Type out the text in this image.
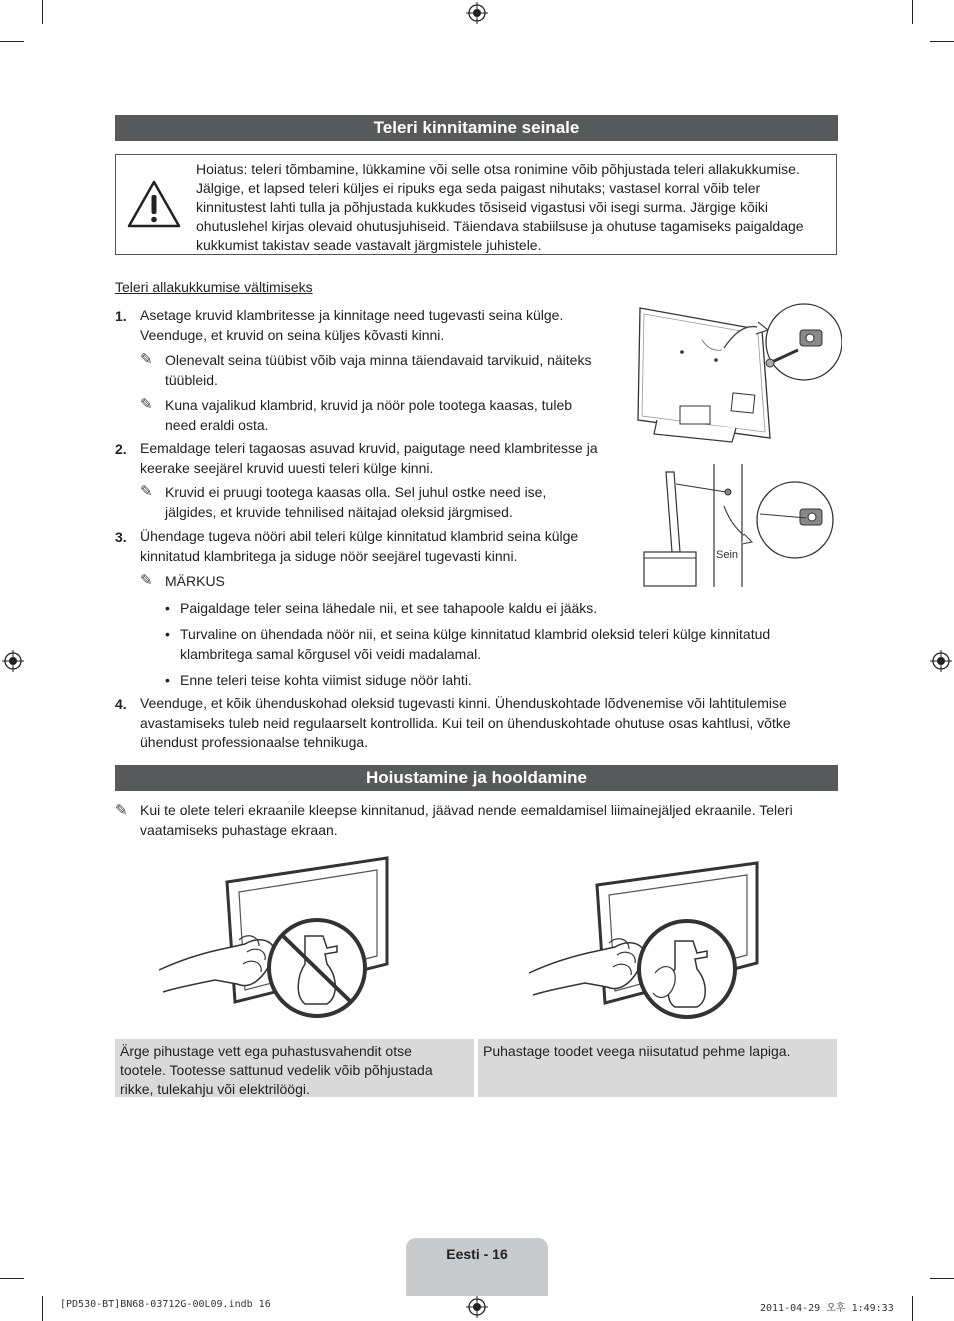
Teleri kinnitamine seinale
Hoiatus: teleri tõmbamine, lükkamine või selle otsa ronimine võib põhjustada teleri allakukkumise.
Jälgige, et lapsed teleri küljes ei ripuks ega seda paigast nihutaks; vastasel korral võib teler
kinnitustest lahti tulla ja põhjustada kukkudes tõsiseid vigastusi või isegi surma. Järgige kõiki
ohutuslehel kirjas olevaid ohutusjuhiseid. Täiendava stabiilsuse ja ohutuse tagamiseks paigaldage
kukkumist takistav seade vastavalt järgmistele juhistele.
Teleri allakukkumise vältimiseks
1. Asetage kruvid klambritesse ja kinnitage need tugevasti seina külge.
Veenduge, et kruvid on seina küljes kõvasti kinni.
✎ Olenevalt seina tüübist võib vaja minna täiendavaid tarvikuid, näiteks
tüübleid.
✎ Kuna vajalikud klambrid, kruvid ja nöör pole tootega kaasas, tuleb
need eraldi osta.
2. Eemaldage teleri tagaosas asuvad kruvid, paigutage need klambritesse ja
keerake seejärel kruvid uuesti teleri külge kinni.
✎ Kruvid ei pruugi tootega kaasas olla. Sel juhul ostke need ise,
jälgides, et kruvide tehnilised näitajad oleksid järgmised.
3. Ühendage tugeva nööri abil teleri külge kinnitatud klambrid seina külge
kinnitatud klambritega ja siduge nöör seejärel tugevasti kinni.
✎ MÄRKUS
• Paigaldage teler seina lähedale nii, et see tahapoole kaldu ei jääks.
• Turvaline on ühendada nöör nii, et seina külge kinnitatud klambrid oleksid teleri külge kinnitatud
klambritega samal kõrgusel või veidi madalamal.
• Enne teleri teise kohta viimist siduge nöör lahti.
4. Veenduge, et kõik ühenduskohad oleksid tugevasti kinni. Ühenduskohtade lõdvenemise või lahtitulemise
avastamiseks tuleb neid regulaarselt kontrollida. Kui teil on ühenduskohtade ohutuse osas kahtlusi, võtke
ühendust professionaalse tehnikuga.
Sein
Hoiustamine ja hooldamine
✎ Kui te olete teleri ekraanile kleepse kinnitanud, jäävad nende eemaldamisel liimainejäljed ekraanile. Teleri
vaatamiseks puhastage ekraan.
Ärge pihustage vett ega puhastusvahendit otse
tootele. Tootesse sattunud vedelik võib põhjustada
rikke, tulekahju või elektrilöögi.
Puhastage toodet veega niisutatud pehme lapiga.
Eesti - 16
[PD530-BT]BN68-03712G-00L09.indb 16	2011-04-29 오후 1:49:33
